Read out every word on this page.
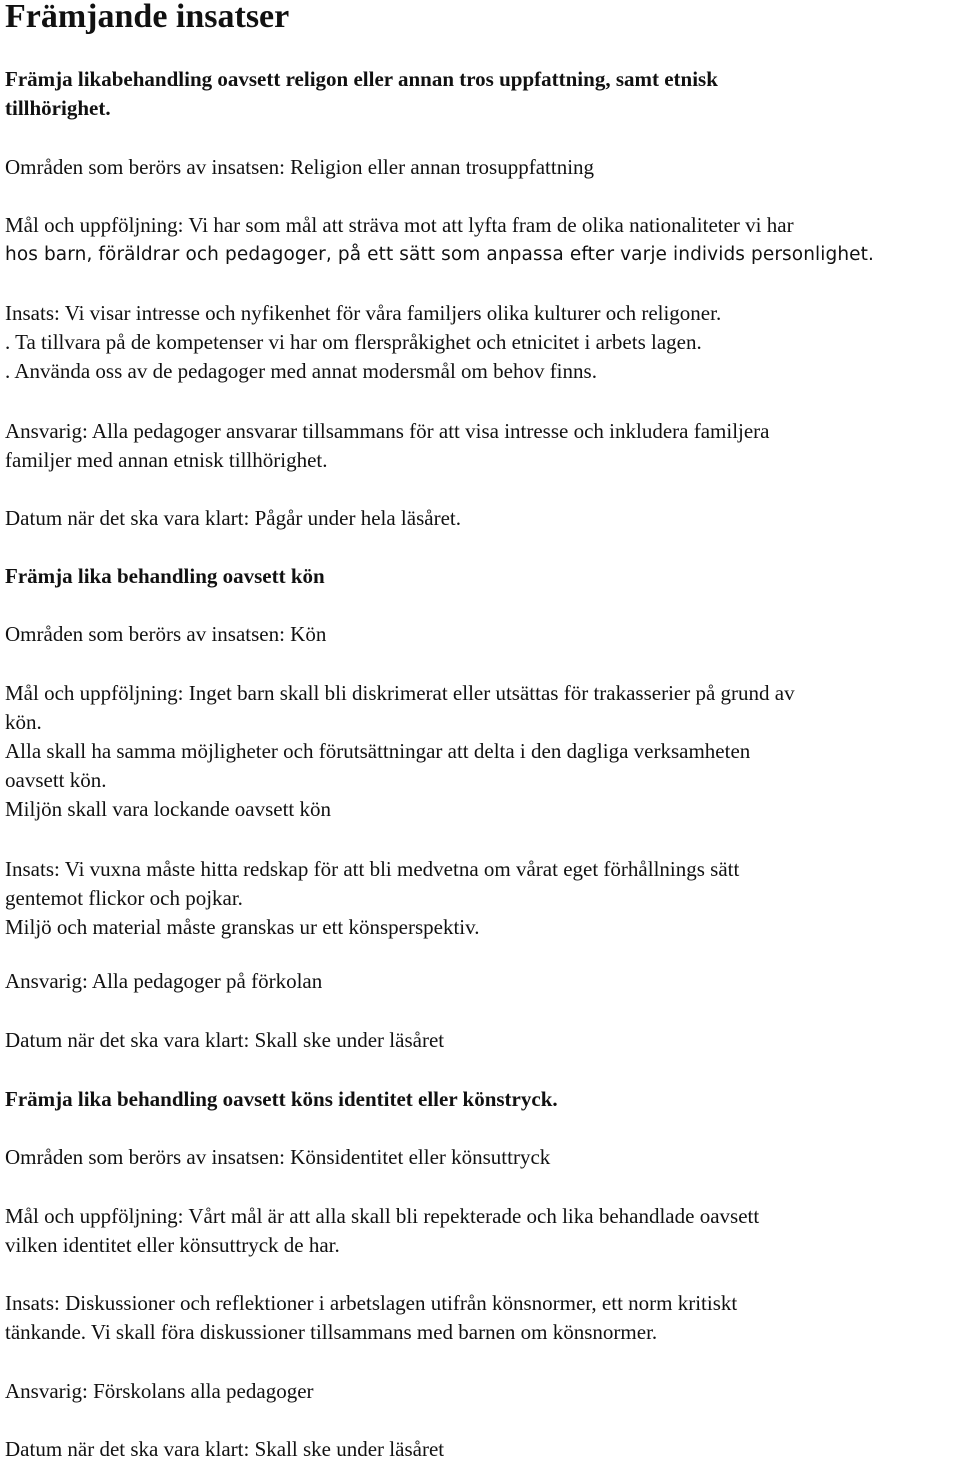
Främjande insatser
Främja likabehandling oavsett religon eller annan tros uppfattning, samt etnisk
tillhörighet.
Områden som berörs av insatsen: Religion eller annan trosuppfattning
Mål och uppföljning: Vi har som mål att sträva mot att lyfta fram de olika nationaliteter vi har
hos barn, föräldrar och pedagoger, på ett sätt som anpassa efter varje individs personlighet.
Insats: Vi visar intresse och nyfikenhet för våra familjers olika kulturer och religoner.
. Ta tillvara på de kompetenser vi har om flerspråkighet och etnicitet i arbets lagen.
. Använda oss av de pedagoger med annat modersmål om behov finns.
Ansvarig: Alla pedagoger ansvarar tillsammans för att visa intresse och inkludera familjera
familjer med annan etnisk tillhörighet.
Datum när det ska vara klart: Pågår under hela läsåret.
Främja lika behandling oavsett kön
Områden som berörs av insatsen: Kön
Mål och uppföljning: Inget barn skall bli diskrimerat eller utsättas för trakasserier på grund av
kön.
Alla skall ha samma möjligheter och förutsättningar att delta i den dagliga verksamheten
oavsett kön.
Miljön skall vara lockande oavsett kön
Insats: Vi vuxna måste hitta redskap för att bli medvetna om vårat eget förhållnings sätt
gentemot flickor och pojkar.
Miljö och material måste granskas ur ett könsperspektiv.
Ansvarig: Alla pedagoger på förkolan
Datum när det ska vara klart: Skall ske under läsåret
Främja lika behandling oavsett köns identitet eller könstryck.
Områden som berörs av insatsen: Könsidentitet eller könsuttryck
Mål och uppföljning: Vårt mål är att alla skall bli repekterade och lika behandlade oavsett
vilken identitet eller könsuttryck de har.
Insats: Diskussioner och reflektioner i arbetslagen utifrån könsnormer, ett norm kritiskt
tänkande. Vi skall föra diskussioner tillsammans med barnen om könsnormer.
Ansvarig: Förskolans alla pedagoger
Datum när det ska vara klart: Skall ske under läsåret
